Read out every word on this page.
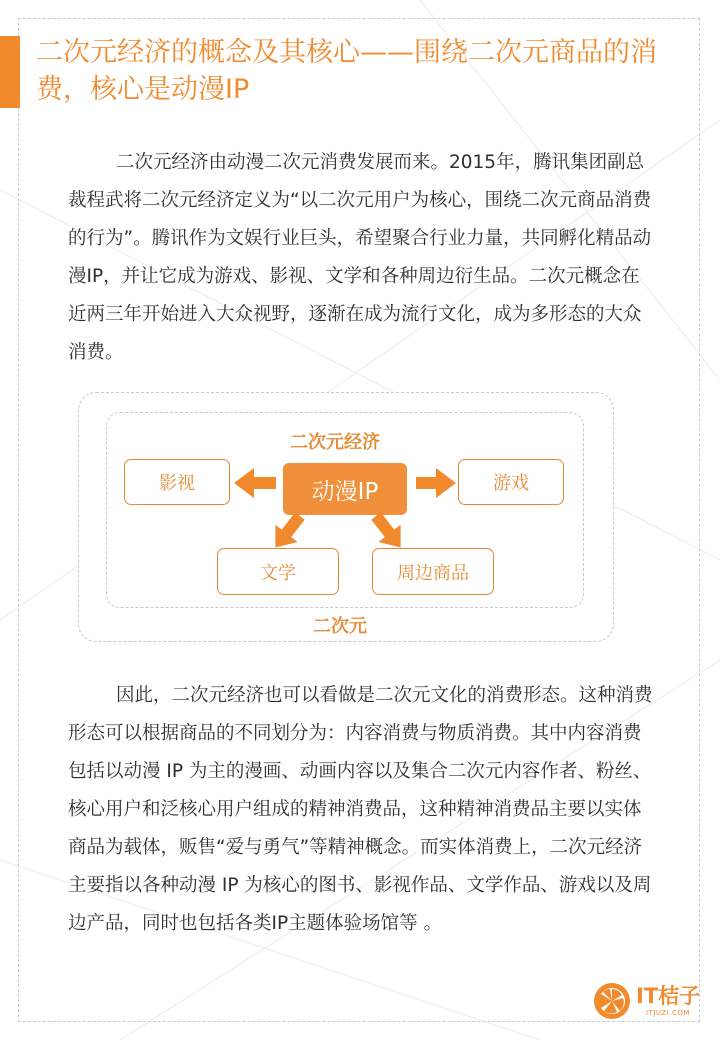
二次元经济的概念及其核心——围绕二次元商品的消费，核心是动漫IP

二次元经济由动漫二次元消费发展而来。2015年，腾讯集团副总裁程武将二次元经济定义为“以二次元用户为核心，围绕二次元商品消费的行为”。腾讯作为文娱行业巨头，希望聚合行业力量，共同孵化精品动漫IP，并让它成为游戏、影视、文学和各种周边衍生品。二次元概念在近两三年开始进入大众视野，逐渐在成为流行文化，成为多形态的大众消费。

二次元经济
二次元
影视	游戏
文学	周边商品
动漫IP

因此，二次元经济也可以看做是二次元文化的消费形态。这种消费形态可以根据商品的不同划分为：内容消费与物质消费。其中内容消费包括以动漫 IP 为主的漫画、动画内容以及集合二次元内容作者、粉丝、核心用户和泛核心用户组成的精神消费品，这种精神消费品主要以实体商品为载体，贩售“爱与勇气”等精神概念。而实体消费上，二次元经济主要指以各种动漫 IP 为核心的图书、影视作品、文学作品、游戏以及周边产品，同时也包括各类IP主题体验场馆等 。

IT桔子
ITJUZI.COM
